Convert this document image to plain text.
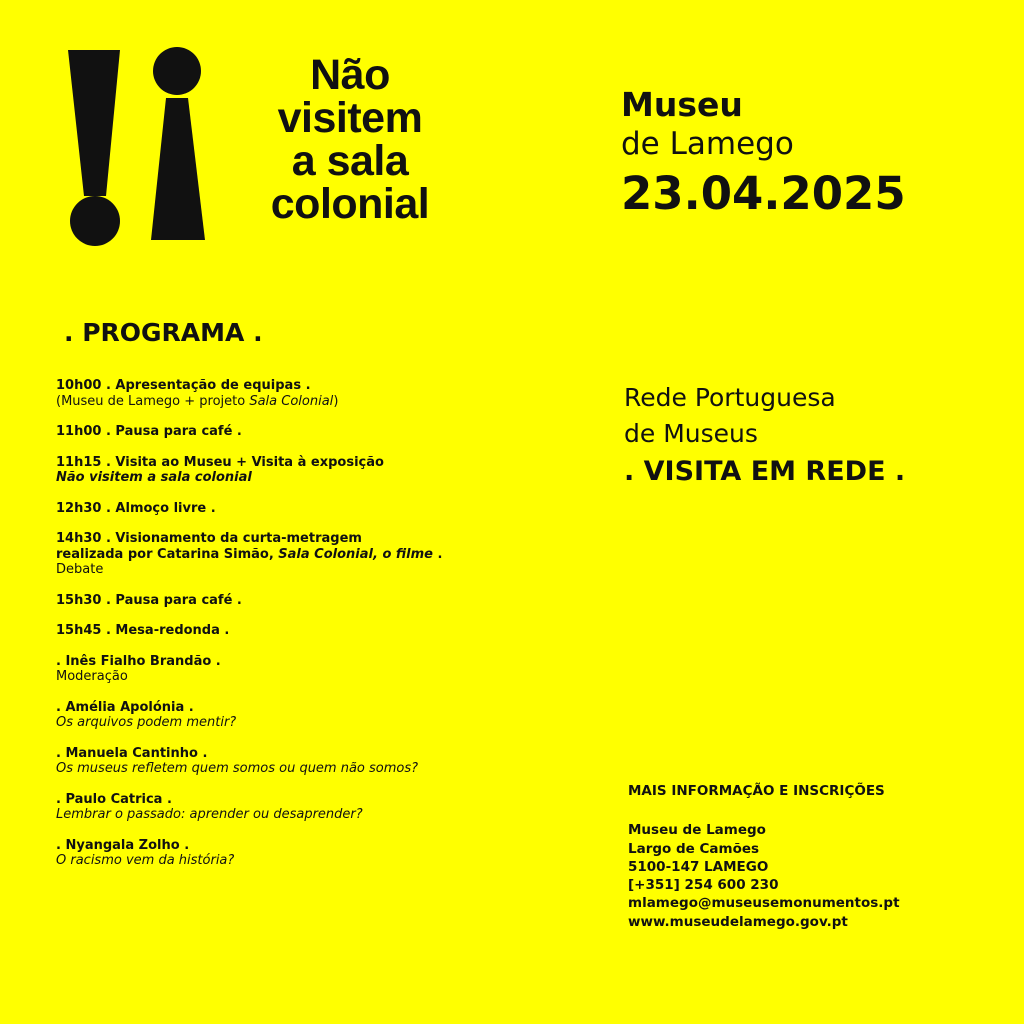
Não
visitem
a sala
colonial
Museu
de Lamego
23.04.2025
. PROGRAMA .
10h00 . Apresentação de equipas .
(Museu de Lamego + projeto Sala Colonial)
11h00 . Pausa para café .
11h15 . Visita ao Museu + Visita à exposição
Não visitem a sala colonial
12h30 . Almoço livre .
14h30 . Visionamento da curta-metragem
realizada por Catarina Simão, Sala Colonial, o filme .
Debate
15h30 . Pausa para café .
15h45 . Mesa-redonda .
. Inês Fialho Brandão .
Moderação
. Amélia Apolónia .
Os arquivos podem mentir?
. Manuela Cantinho .
Os museus refletem quem somos ou quem não somos?
. Paulo Catrica .
Lembrar o passado: aprender ou desaprender?
. Nyangala Zolho .
O racismo vem da história?
Rede Portuguesa
de Museus
. VISITA EM REDE .
MAIS INFORMAÇÃO E INSCRIÇÕES
Museu de Lamego
Largo de Camões
5100-147 LAMEGO
[+351] 254 600 230
mlamego@museusemonumentos.pt
www.museudelamego.gov.pt
